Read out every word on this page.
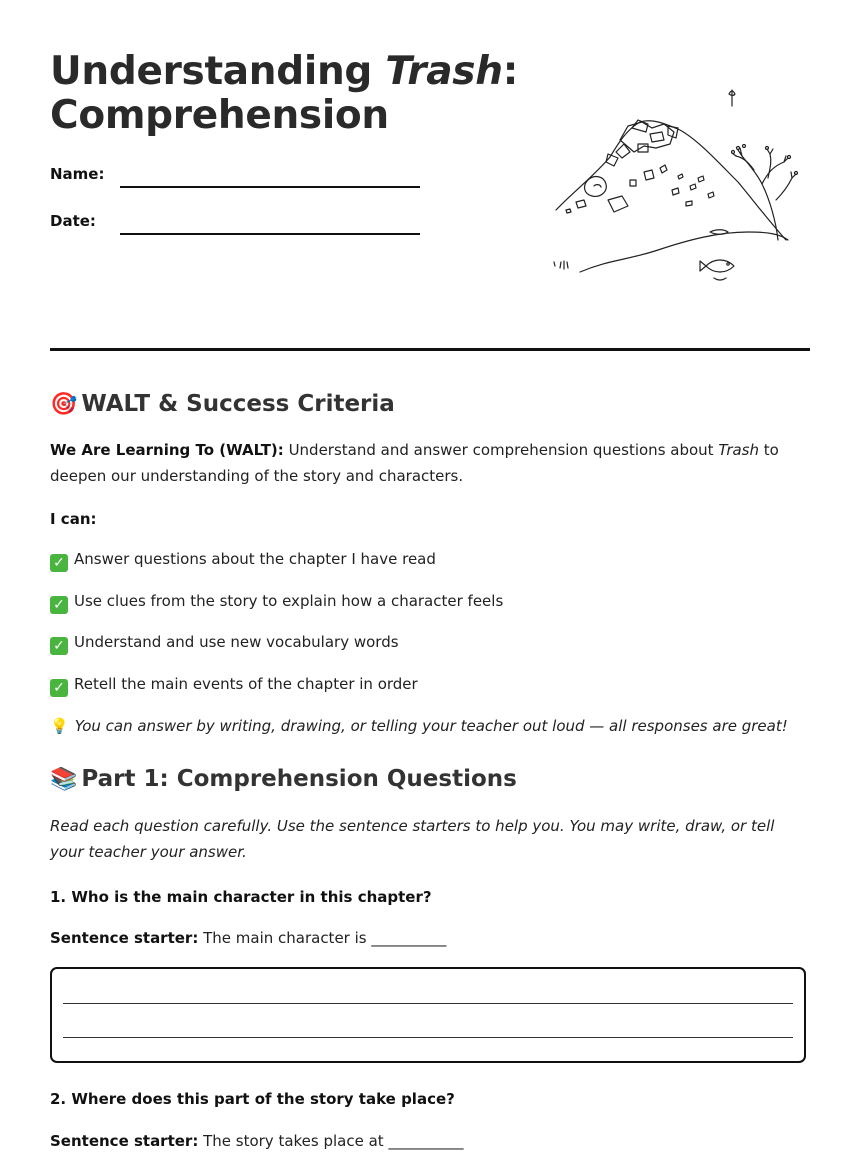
Understanding Trash:
Comprehension
Name:
Date:
🎯 WALT & Success Criteria
We Are Learning To (WALT): Understand and answer comprehension questions about Trash to deepen our understanding of the story and characters.
I can:
✓ Answer questions about the chapter I have read
✓ Use clues from the story to explain how a character feels
✓ Understand and use new vocabulary words
✓ Retell the main events of the chapter in order
💡 You can answer by writing, drawing, or telling your teacher out loud — all responses are great!
📚 Part 1: Comprehension Questions
Read each question carefully. Use the sentence starters to help you. You may write, draw, or tell your teacher your answer.
1. Who is the main character in this chapter?
Sentence starter: The main character is __________
2. Where does this part of the story take place?
Sentence starter: The story takes place at __________
